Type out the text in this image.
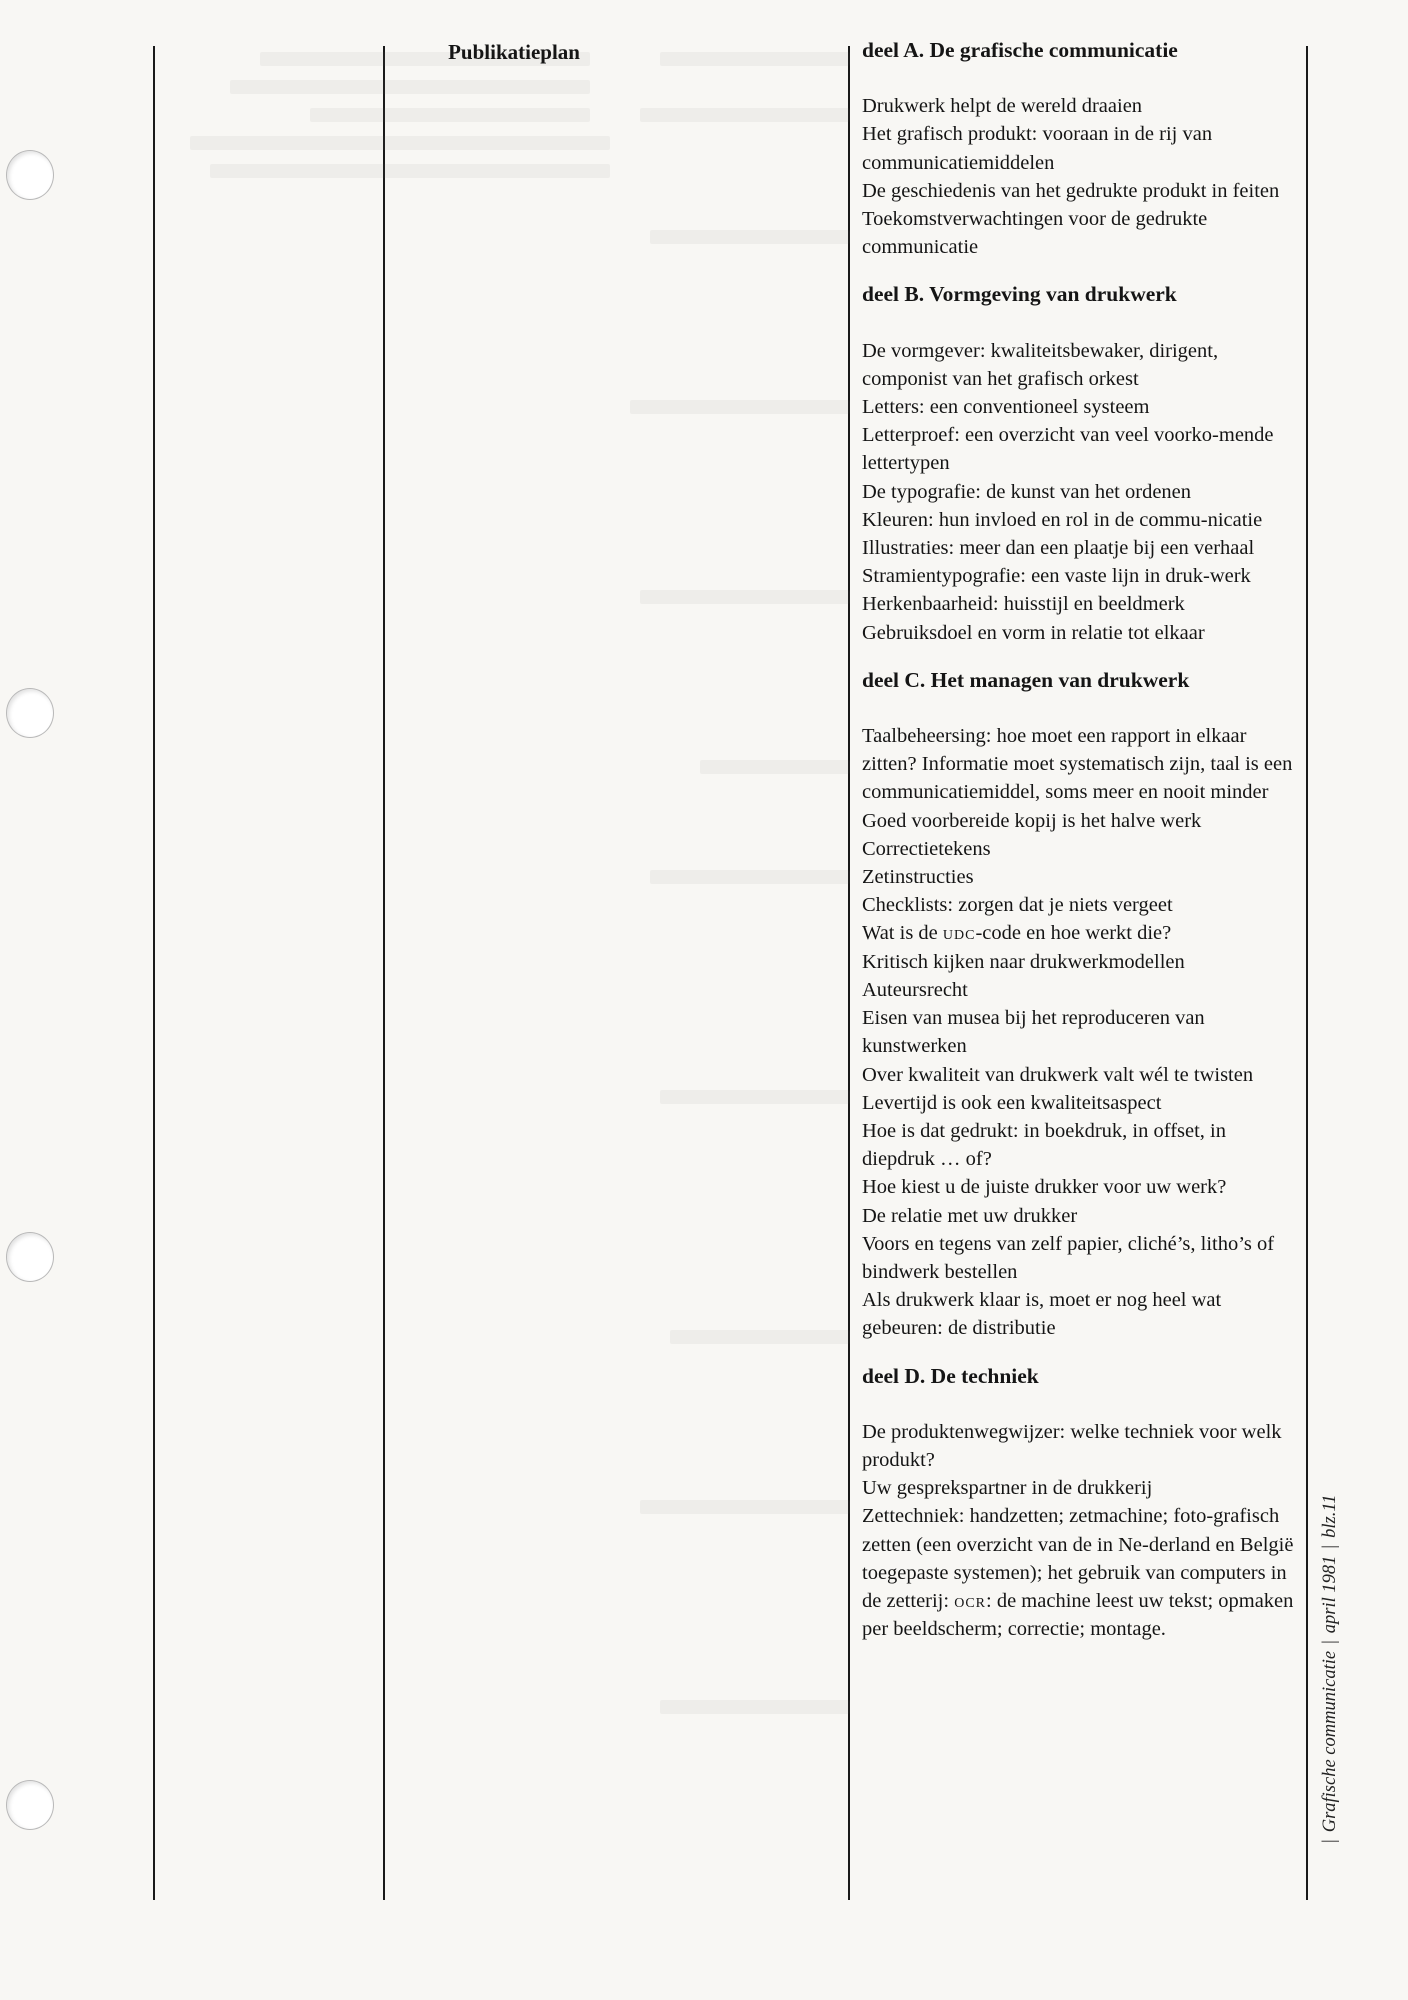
Publikatieplan	deel A. De grafische communicatie
Drukwerk helpt de wereld draaien
Het grafisch produkt: vooraan in de rij van communicatiemiddelen
De geschiedenis van het gedrukte produkt in feiten
Toekomstverwachtingen voor de gedrukte communicatie
deel B. Vormgeving van drukwerk
De vormgever: kwaliteitsbewaker, dirigent, componist van het grafisch orkest
Letters: een conventioneel systeem
Letterproef: een overzicht van veel voorko-mende lettertypen
De typografie: de kunst van het ordenen
Kleuren: hun invloed en rol in de commu-nicatie
Illustraties: meer dan een plaatje bij een verhaal
Stramientypografie: een vaste lijn in druk-werk
Herkenbaarheid: huisstijl en beeldmerk
Gebruiksdoel en vorm in relatie tot elkaar
deel C. Het managen van drukwerk
Taalbeheersing: hoe moet een rapport in elkaar zitten? Informatie moet systematisch zijn, taal is een communicatiemiddel, soms meer en nooit minder
Goed voorbereide kopij is het halve werk
Correctietekens
Zetinstructies
Checklists: zorgen dat je niets vergeet
Wat is de udc-code en hoe werkt die?
Kritisch kijken naar drukwerkmodellen
Auteursrecht
Eisen van musea bij het reproduceren van kunstwerken
Over kwaliteit van drukwerk valt wél te twisten
Levertijd is ook een kwaliteitsaspect
Hoe is dat gedrukt: in boekdruk, in offset, in diepdruk … of?
Hoe kiest u de juiste drukker voor uw werk?
De relatie met uw drukker
Voors en tegens van zelf papier, cliché’s, litho’s of bindwerk bestellen
Als drukwerk klaar is, moet er nog heel wat gebeuren: de distributie
deel D. De techniek
De produktenwegwijzer: welke techniek voor welk produkt?
Uw gesprekspartner in de drukkerij
Zettechniek: handzetten; zetmachine; foto-grafisch zetten (een overzicht van de in Ne-derland en België toegepaste systemen); het gebruik van computers in de zetterij: ocr: de machine leest uw tekst; opmaken per beeldscherm; correctie; montage.
|Grafische communicatie|april 1981|blz.11
